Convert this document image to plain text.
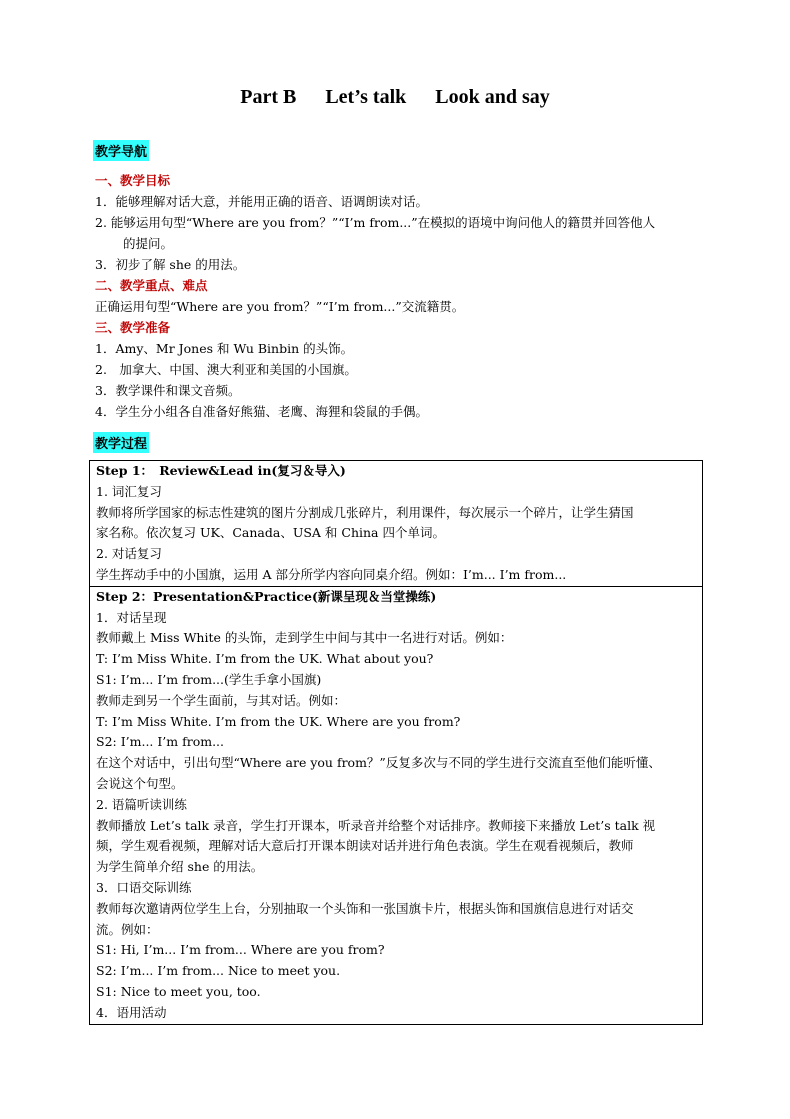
Part B Let’s talk Look and say
教学导航
一、教学目标
1．能够理解对话大意，并能用正确的语音、语调朗读对话。
2. 能够运用句型“Where are you from？”“I’m from...”在模拟的语境中询问他人的籍贯并回答他人
的提问。
3．初步了解 she 的用法。
二、教学重点、难点
正确运用句型“Where are you from？”“I’m from...”交流籍贯。
三、教学准备
1．Amy、Mr Jones 和 Wu Binbin 的头饰。
2.　加拿大、中国、澳大利亚和美国的小国旗。
3．教学课件和课文音频。
4．学生分小组各自准备好熊猫、老鹰、海狸和袋鼠的手偶。
教学过程
Step 1：　Review&Lead in(复习＆导入)
1. 词汇复习
教师将所学国家的标志性建筑的图片分割成几张碎片，利用课件，每次展示一个碎片，让学生猜国
家名称。依次复习 UK、Canada、USA 和 China 四个单词。
2. 对话复习
学生挥动手中的小国旗，运用 A 部分所学内容向同桌介绍。例如：I’m... I’m from...

Step 2：Presentation&Practice(新课呈现＆当堂操练)
1．对话呈现
教师戴上 Miss White 的头饰，走到学生中间与其中一名进行对话。例如：
T: I’m Miss White. I’m from the UK. What about you?
S1: I’m... I’m from...(学生手拿小国旗)
教师走到另一个学生面前，与其对话。例如：
T: I’m Miss White. I’m from the UK. Where are you from?
S2: I’m... I’m from...
在这个对话中，引出句型“Where are you from？”反复多次与不同的学生进行交流直至他们能听懂、
会说这个句型。
2. 语篇听读训练
教师播放 Let’s talk 录音，学生打开课本，听录音并给整个对话排序。教师接下来播放 Let’s talk 视
频，学生观看视频，理解对话大意后打开课本朗读对话并进行角色表演。学生在观看视频后，教师
为学生简单介绍 she 的用法。
3．口语交际训练
教师每次邀请两位学生上台，分别抽取一个头饰和一张国旗卡片，根据头饰和国旗信息进行对话交
流。例如：
S1: Hi, I’m... I’m from... Where are you from?
S2: I’m... I’m from... Nice to meet you.
S1: Nice to meet you, too.
4．语用活动
